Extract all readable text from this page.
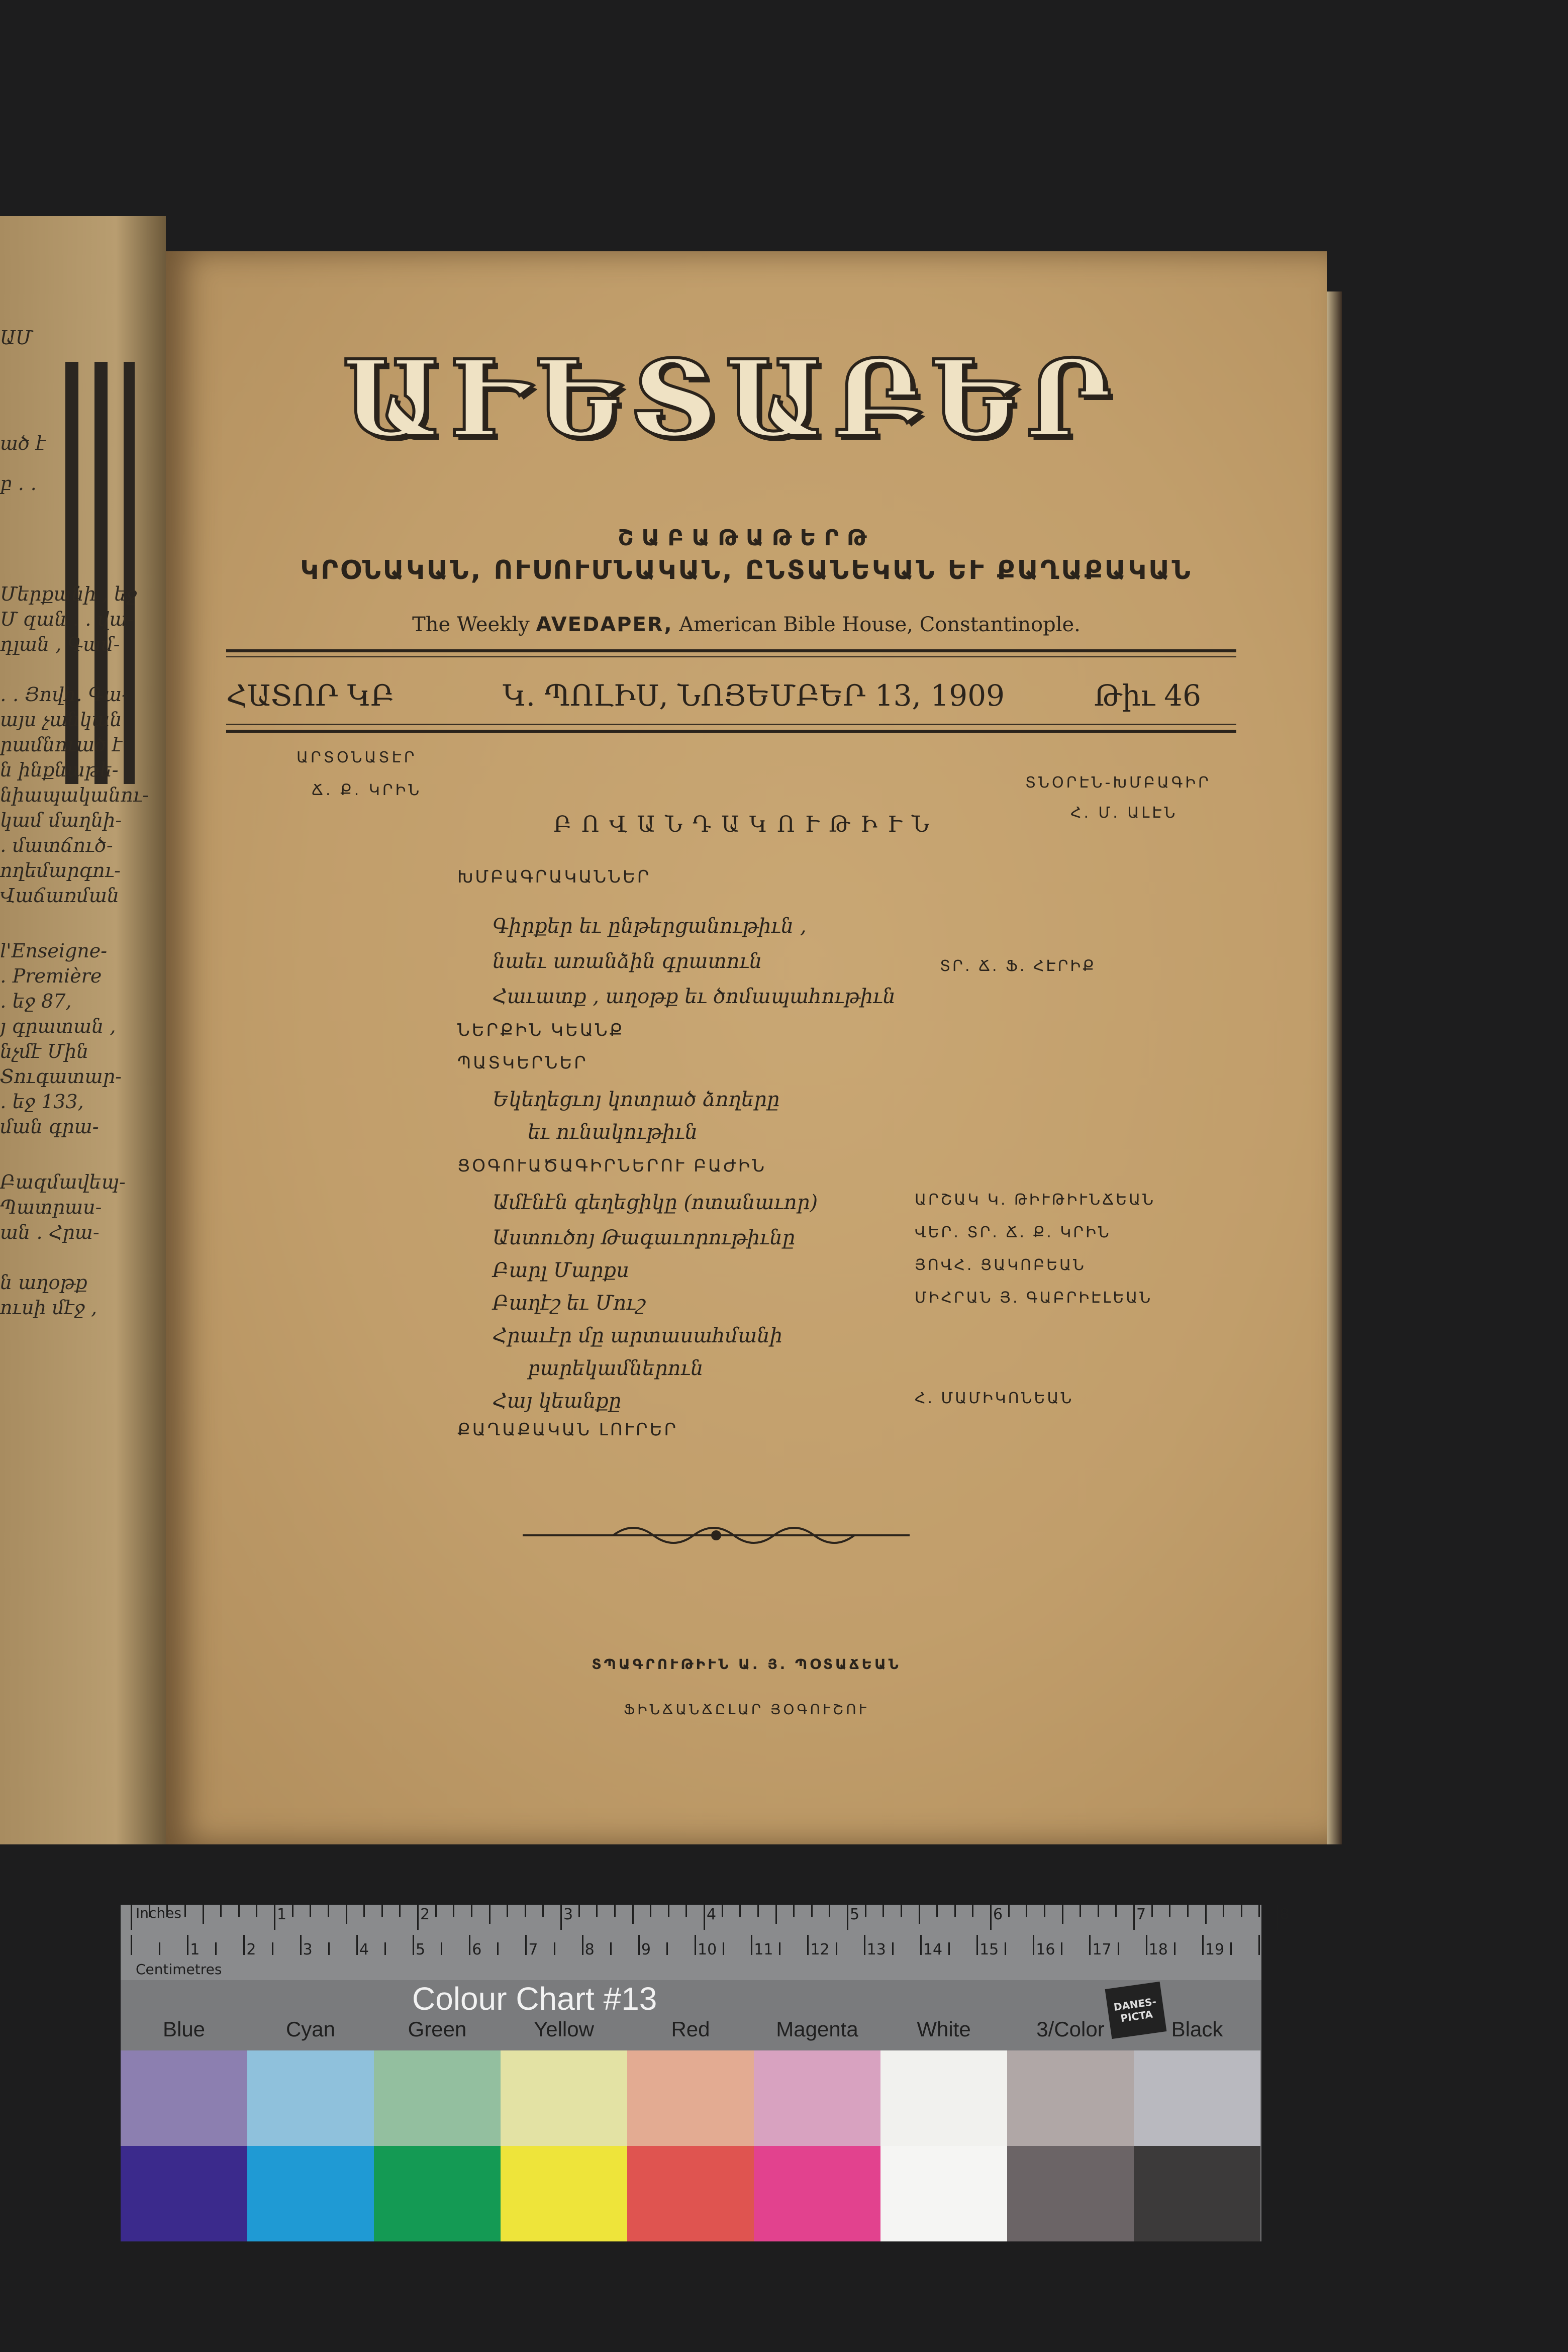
ԱՄ
ած է
բ ․ ․
Մերքանի , եջ
Մ զան ․ . վա-
դլան , Գամ-
․ ․ Յովհ. Գա-
այս չանկան
րամնուած է
ն ինքնաթե-
նիապականու-
կամ մաղնի-
․ մատճուծ-
ողեմարգու-
Վաճառման
l'Enseigne-
․ Première
․ եջ 87,
յ գրատան ,
նչմէ Մին
Տուգատար-
․ եջ 133,
ման գրա-
Բազմավեպ-
Պատրաս-
ան ․ Հրա-
ն աղօթք
ուսի մէջ ,
ԱՒԵՏԱԲԵՐ
ՇԱԲԱԹԱԹԵՐԹ
ԿՐՕՆԱԿԱՆ, ՈՒՍՈՒՄՆԱԿԱՆ, ԸՆՏԱՆԵԿԱՆ ԵՒ ՔԱՂԱՔԱԿԱՆ
The Weekly AVEDAPER, American Bible House, Constantinople.
ՀԱՏՈՐ ԿԲ	Կ. ՊՈԼԻՍ, ՆՈՅԵՄԲԵՐ 13, 1909	Թիւ 46
ԱՐՏՕՆԱՏԷՐ
Ճ. Ք. ԿՐԻՆ	ՏՆՕՐԷՆ-ԽՄԲԱԳԻՐ
Հ. Մ. ԱԼԷՆ
ԲՈՎԱՆԴԱԿՈՒԹԻՒՆ
ԽՄԲԱԳՐԱԿԱՆՆԵՐ
Գիրքեր եւ ընթերցանութիւն ,
նաեւ առանձին գրատուն	ՏՐ. Ճ. Ֆ. ՀԷՐԻՔ
Հաւատք , աղօթք եւ ծոմապահութիւն
ՆԵՐՔԻՆ ԿԵԱՆՔ
ՊԱՏԿԵՐՆԵՐ
Եկեղեցւոյ կոտրած ձողերը
եւ ունակութիւն
ՑՕԳՈՒԱԾԱԳԻՐՆԵՐՈՒ ԲԱԺԻՆ
Ամէնէն գեղեցիկը (ոտանաւոր)	ԱՐՇԱԿ Կ. ԹԻՒԹԻՒՆՃԵԱՆ
Աստուծոյ Թագաւորութիւնը	ՎԵՐ. ՏՐ. Ճ. Ք. ԿՐԻՆ
Բարլ Մարքս	ՅՈՎՀ. ՑԱԿՈԲԵԱՆ
Բաղէշ եւ Մուշ	ՄԻՀՐԱՆ Յ. ԳԱԲՐԻԷԼԵԱՆ
Հրաւէր մը արտասահմանի
բարեկամներուն
Հայ կեանքը	Հ. ՄԱՄԻԿՈՆԵԱՆ
ՔԱՂԱՔԱԿԱՆ ԼՈՒՐԵՐ
ՏՊԱԳՐՈՒԹԻՒՆ Ա. Յ. ՊՕՏԱՃԵԱՆ
ՖԻՆՃԱՆՃԸԼԱՐ ՅՕԳՈՒՇՈՒ
1	2	3	4	5	6	7	8
1	2	3	4	5	6	7	8	9	10 11 12 13 14 15 16 17 18 19
Inches
Centimetres
Colour Chart #13	DANES-PICTA
Blue	Cyan	Green	Yellow	Red	Magenta	White	3/Color	Black
